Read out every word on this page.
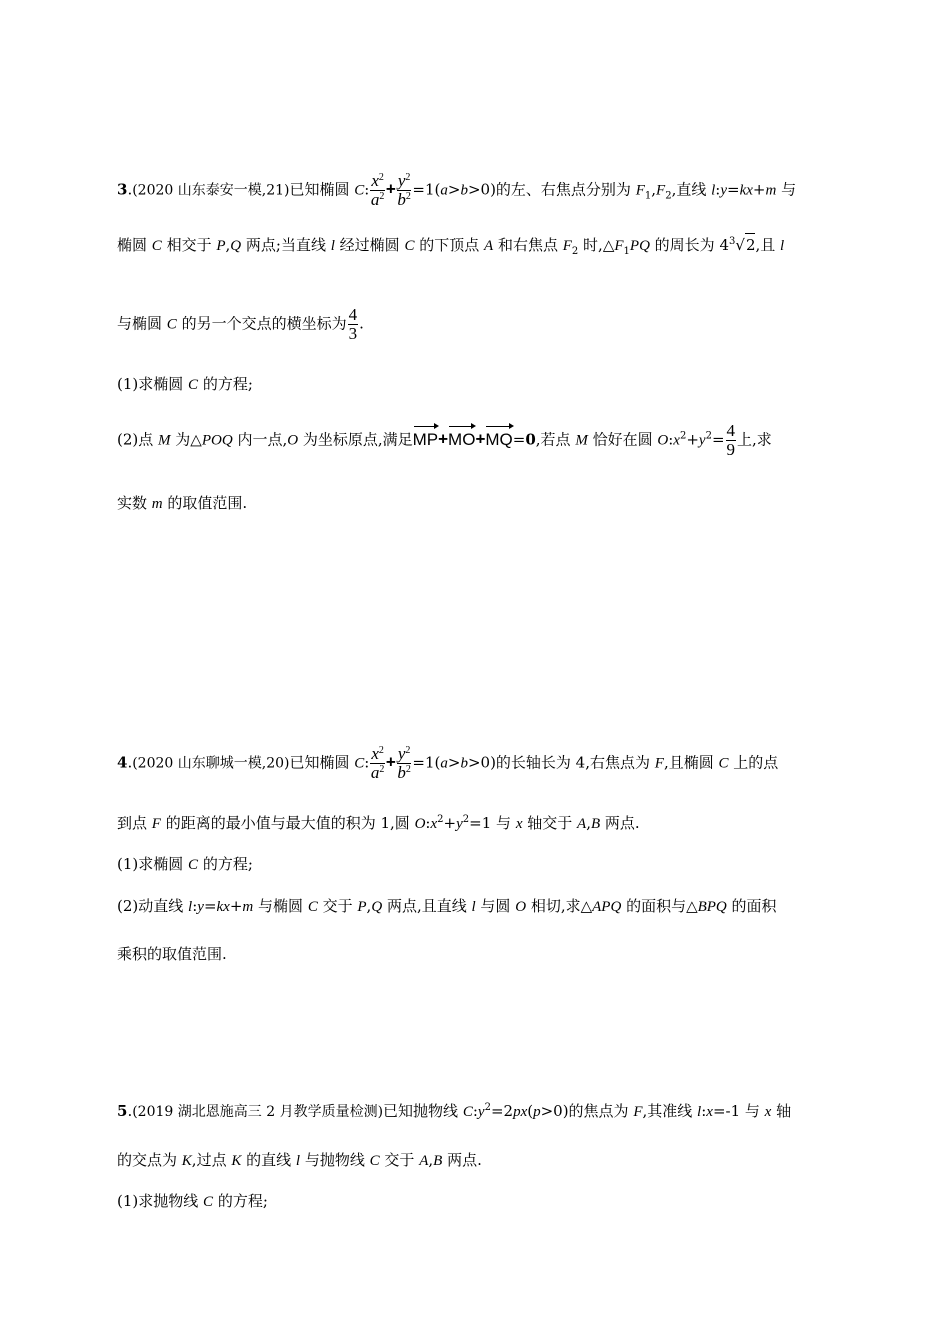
3.(2020 山东泰安一模,21)已知椭圆 C: $\frac{x^2}{a^2} + \frac{y^2}{b^2} =1(a>b>0)$的左、右焦点分别为 $F_1,F_2$,直线 l:y=kx+m 与
椭圆 C 相交于 P,Q 两点;当直线 l 经过椭圆 C 的下顶点 A 和右焦点 $F_2$ 时$,\triangle F_1PQ$ 的周长为 $4^3√2$,且 l
与椭圆 C 的另一个交点的横坐标为 $\frac{4}{3}$ .
(1)求椭圆 C 的方程;
(2)点 M 为△POQ 内一点,O 为坐标原点,满足MP+MO+MQ=0,若点 M 恰好在圆 $O:x^2+y^2= \frac{4}{9}$ 上,求
实数 m 的取值范围.
4.(2020 山东聊城一模,20)已知椭圆 C: $\frac{x^2}{a^2} + \frac{y^2}{b^2} =1(a>b>0)$的长轴长为 4,右焦点为 F,且椭圆 C 上的点
到点 F 的距离的最小值与最大值的积为 1,圆 $O:x^2+y^2=1$ 与 x 轴交于 A,B 两点.
(1)求椭圆 C 的方程;
(2)动直线 l:y=kx+m 与椭圆 C 交于 P,Q 两点,且直线 l 与圆 O 相切,求△APQ 的面积与△BPQ 的面积
乘积的取值范围.
5.(2019 湖北恩施高三 2 月教学质量检测)已知抛物线 $C:y^2=2px(p>0)$的焦点为 F,其准线 l:x=-1 与 x 轴
的交点为 K,过点 K 的直线 l 与抛物线 C 交于 A,B 两点.
(1)求抛物线 C 的方程;
